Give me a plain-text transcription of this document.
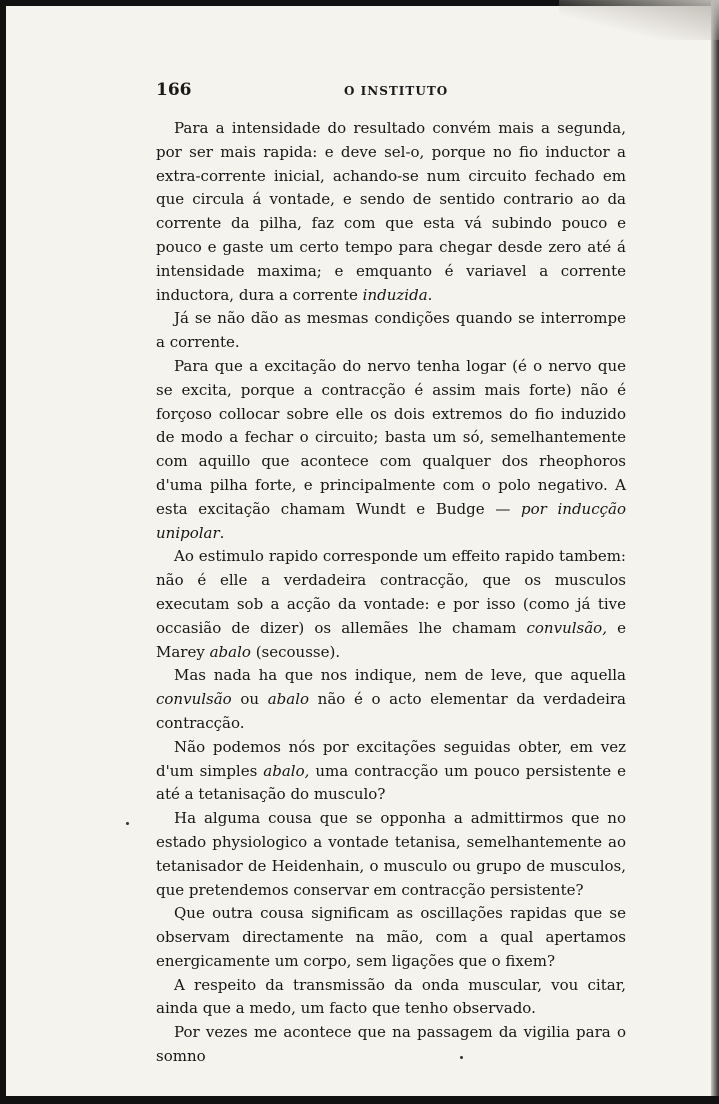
166	O INSTITUTO

Para a intensidade do resultado convém mais a segunda, por ser mais rapida: e deve sel-o, porque no fio inductor a extra-corrente inicial, achando-se num circuito fechado em que circula á vontade, e sendo de sentido contrario ao da corrente da pilha, faz com que esta vá subindo pouco e pouco e gaste um certo tempo para chegar desde zero até á intensidade maxima; e emquanto é variavel a corrente inductora, dura a corrente induzida.

Já se não dão as mesmas condições quando se interrompe a corrente.

Para que a excitação do nervo tenha logar (é o nervo que se excita, porque a contracção é assim mais forte) não é forçoso collocar sobre elle os dois extremos do fio induzido de modo a fechar o circuito; basta um só, semelhantemente com aquillo que acontece com qualquer dos rheophoros d'uma pilha forte, e principalmente com o polo negativo. A esta excitação chamam Wundt e Budge — por inducção unipolar.

Ao estimulo rapido corresponde um effeito rapido tambem: não é elle a verdadeira contracção, que os musculos executam sob a acção da vontade: e por isso (como já tive occasião de dizer) os allemães lhe chamam convulsão, e Marey abalo (secousse).

Mas nada ha que nos indique, nem de leve, que aquella convulsão ou abalo não é o acto elementar da verdadeira contracção.

Não podemos nós por excitações seguidas obter, em vez d'um simples abalo, uma contracção um pouco persistente e até a tetanisação do musculo?

Ha alguma cousa que se opponha a admittirmos que no estado physiologico a vontade tetanisa, semelhantemente ao tetanisador de Heidenhain, o musculo ou grupo de musculos, que pretendemos conservar em contracção persistente?

Que outra cousa significam as oscillações rapidas que se observam directamente na mão, com a qual apertamos energicamente um corpo, sem ligações que o fixem?

A respeito da transmissão da onda muscular, vou citar, ainda que a medo, um facto que tenho observado.

Por vezes me acontece que na passagem da vigilia para o somno
